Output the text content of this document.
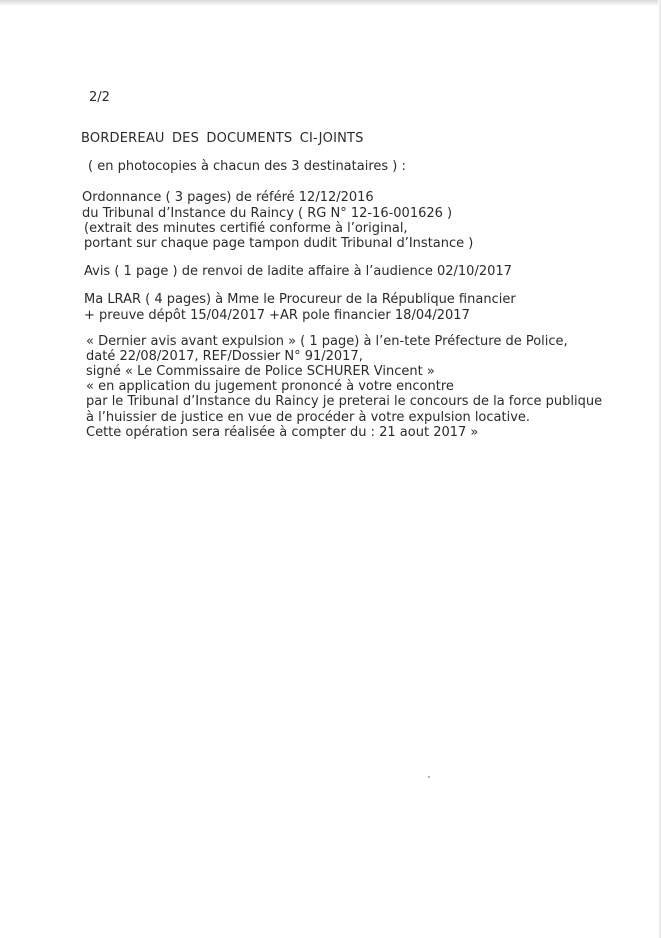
2/2
BORDEREAU DES DOCUMENTS CI-JOINTS
( en photocopies à chacun des 3 destinataires ) :
Ordonnance ( 3 pages) de référé 12/12/2016
du Tribunal d’Instance du Raincy ( RG N° 12-16-001626 )
(extrait des minutes certifié conforme à l’original,
portant sur chaque page tampon dudit Tribunal d’Instance )
Avis ( 1 page ) de renvoi de ladite affaire à l’audience 02/10/2017
Ma LRAR ( 4 pages) à Mme le Procureur de la République financier
+ preuve dépôt 15/04/2017 +AR pole financier 18/04/2017
« Dernier avis avant expulsion » ( 1 page) à l’en-tete Préfecture de Police,
daté 22/08/2017, REF/Dossier N° 91/2017,
signé « Le Commissaire de Police SCHURER Vincent »
« en application du jugement prononcé à votre encontre
par le Tribunal d’Instance du Raincy je preterai le concours de la force publique
à l’huissier de justice en vue de procéder à votre expulsion locative.
Cette opération sera réalisée à compter du : 21 aout 2017 »
